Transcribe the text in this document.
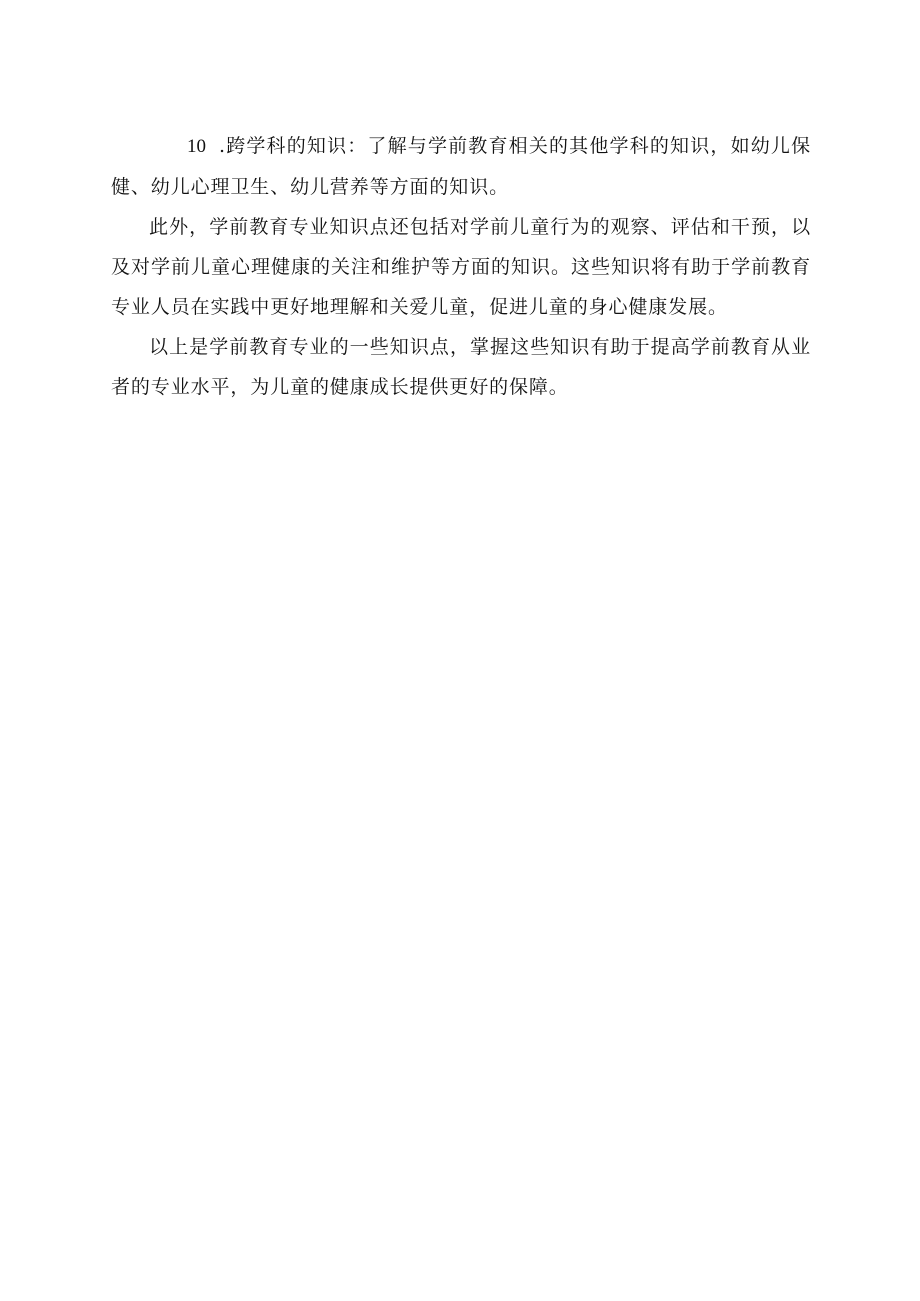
10 .跨学科的知识：了解与学前教育相关的其他学科的知识，如幼儿保健、幼儿心理卫生、幼儿营养等方面的知识。

此外，学前教育专业知识点还包括对学前儿童行为的观察、评估和干预，以及对学前儿童心理健康的关注和维护等方面的知识。这些知识将有助于学前教育专业人员在实践中更好地理解和关爱儿童，促进儿童的身心健康发展。

以上是学前教育专业的一些知识点，掌握这些知识有助于提高学前教育从业者的专业水平，为儿童的健康成长提供更好的保障。
